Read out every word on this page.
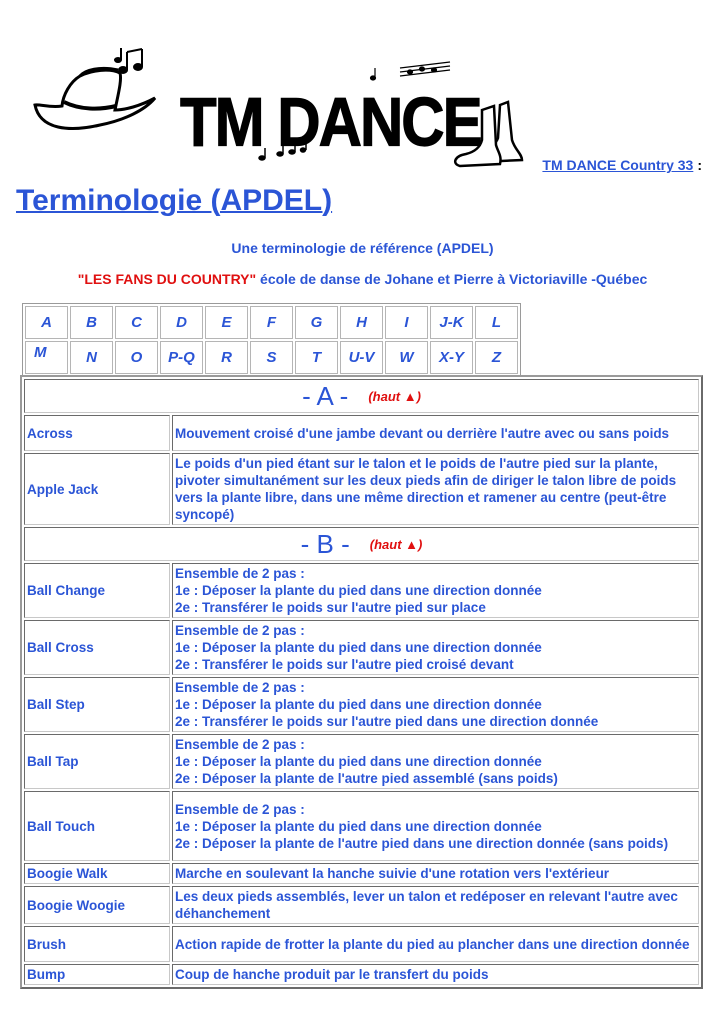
TM DANCE
TM DANCE Country 33 :
Terminologie (APDEL)
Une terminologie de référence (APDEL)
"LES FANS DU COUNTRY" école de danse de Johane et Pierre à Victoriaville -Québec
A	B	C	D	E	F	G	H	I	J-K	L
M	N	O	P-Q	R	S	T	U-V	W	X-Y	Z
- A - (haut ▲)	
Across	Mouvement croisé d'une jambe devant ou derrière l'autre avec ou sans poids
Apple Jack	Le poids d'un pied étant sur le talon et le poids de l'autre pied sur la plante, pivoter simultanément sur les deux pieds afin de diriger le talon libre de poids vers la plante libre, dans une même direction et ramener au centre (peut-être syncopé)
- B - (haut ▲)	
Ball Change	Ensemble de 2 pas :
1e : Déposer la plante du pied dans une direction donnée
2e : Transférer le poids sur l'autre pied sur place

Ball Cross	Ensemble de 2 pas :
1e : Déposer la plante du pied dans une direction donnée
2e : Transférer le poids sur l'autre pied croisé devant

Ball Step	Ensemble de 2 pas :
1e : Déposer la plante du pied dans une direction donnée
2e : Transférer le poids sur l'autre pied dans une direction donnée

Ball Tap	Ensemble de 2 pas :
1e : Déposer la plante du pied dans une direction donnée
2e : Déposer la plante de l'autre pied assemblé (sans poids)

Ball Touch	Ensemble de 2 pas :
1e : Déposer la plante du pied dans une direction donnée
2e : Déposer la plante de l'autre pied dans une direction donnée (sans poids)

Boogie Walk	Marche en soulevant la hanche suivie d'une rotation vers l'extérieur
Boogie Woogie	Les deux pieds assemblés, lever un talon et redéposer en relevant l'autre avec déhanchement
Brush	Action rapide de frotter la plante du pied au plancher dans une direction donnée
Bump	Coup de hanche produit par le transfert du poids
